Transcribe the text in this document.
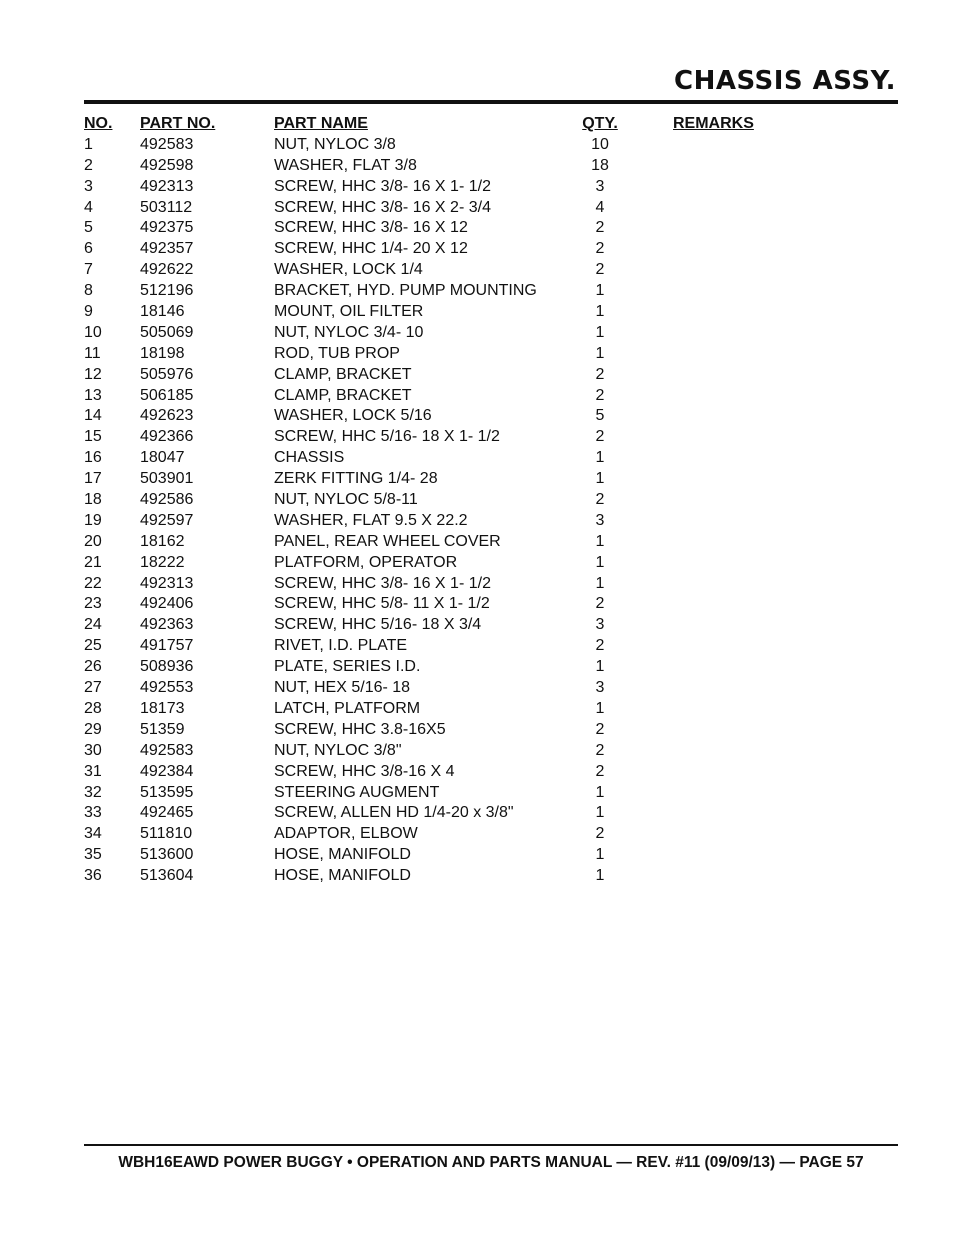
CHASSIS ASSY.
NO. PART NO.	PART NAME	QTY.	REMARKS
1	492583	NUT, NYLOC 3/8	10
2	492598	WASHER, FLAT 3/8	18
3	492313	SCREW, HHC 3/8- 16 X 1- 1/2	3
4	503112	SCREW, HHC 3/8- 16 X 2- 3/4	4
5	492375	SCREW, HHC 3/8- 16 X 12	2
6	492357	SCREW, HHC 1/4- 20 X 12	2
7	492622	WASHER, LOCK 1/4	2
8	512196	BRACKET, HYD. PUMP MOUNTING	1
9	18146	MOUNT, OIL FILTER	1
10 505069	NUT, NYLOC 3/4- 10	1
11 18198	ROD, TUB PROP	1
12 505976	CLAMP, BRACKET	2
13 506185	CLAMP, BRACKET	2
14 492623	WASHER, LOCK 5/16	5
15 492366	SCREW, HHC 5/16- 18 X 1- 1/2	2
16 18047	CHASSIS	1
17 503901	ZERK FITTING 1/4- 28	1
18 492586	NUT, NYLOC 5/8-11	2
19 492597	WASHER, FLAT 9.5 X 22.2	3
20 18162	PANEL, REAR WHEEL COVER	1
21 18222	PLATFORM, OPERATOR	1
22 492313	SCREW, HHC 3/8- 16 X 1- 1/2	1
23 492406	SCREW, HHC 5/8- 11 X 1- 1/2	2
24 492363	SCREW, HHC 5/16- 18 X 3/4	3
25 491757	RIVET, I.D. PLATE	2
26 508936	PLATE, SERIES I.D.	1
27 492553	NUT, HEX 5/16- 18	3
28 18173	LATCH, PLATFORM	1
29 51359	SCREW, HHC 3.8-16X5	2
30 492583	NUT, NYLOC 3/8"	2
31 492384	SCREW, HHC 3/8-16 X 4	2
32 513595	STEERING AUGMENT	1
33 492465	SCREW, ALLEN HD 1/4-20 x 3/8"	1
34 511810	ADAPTOR, ELBOW	2
35 513600	HOSE, MANIFOLD	1
36 513604	HOSE, MANIFOLD	1
WBH16EAWD POWER BUGGY • OPERATION AND PARTS MANUAL — REV. #11 (09/09/13) — PAGE 57
